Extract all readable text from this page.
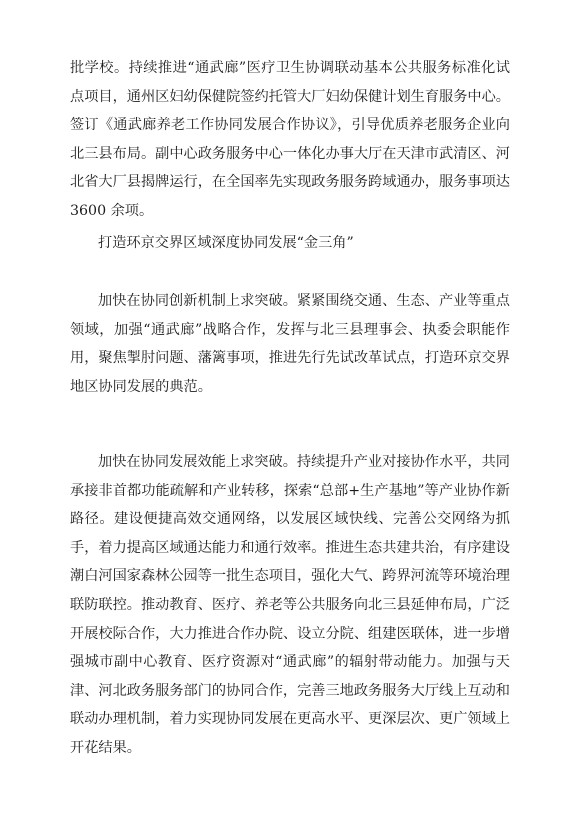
批学校。持续推进“通武廊”医疗卫生协调联动基本公共服务标准化试点项目，通州区妇幼保健院签约托管大厂妇幼保健计划生育服务中心。签订《通武廊养老工作协同发展合作协议》，引导优质养老服务企业向北三县布局。副中心政务服务中心一体化办事大厅在天津市武清区、河北省大厂县揭牌运行，在全国率先实现政务服务跨域通办，服务事项达 3600 余项。

打造环京交界区域深度协同发展“金三角”

加快在协同创新机制上求突破。紧紧围绕交通、生态、产业等重点领域，加强“通武廊”战略合作，发挥与北三县理事会、执委会职能作用，聚焦掣肘问题、藩篱事项，推进先行先试改革试点，打造环京交界地区协同发展的典范。

加快在协同发展效能上求突破。持续提升产业对接协作水平，共同承接非首都功能疏解和产业转移，探索“总部+生产基地”等产业协作新路径。建设便捷高效交通网络，以发展区域快线、完善公交网络为抓手，着力提高区域通达能力和通行效率。推进生态共建共治，有序建设潮白河国家森林公园等一批生态项目，强化大气、跨界河流等环境治理联防联控。推动教育、医疗、养老等公共服务向北三县延伸布局，广泛开展校际合作，大力推进合作办院、设立分院、组建医联体，进一步增强城市副中心教育、医疗资源对“通武廊”的辐射带动能力。加强与天津、河北政务服务部门的协同合作，完善三地政务服务大厅线上互动和联动办理机制，着力实现协同发展在更高水平、更深层次、更广领域上开花结果。
